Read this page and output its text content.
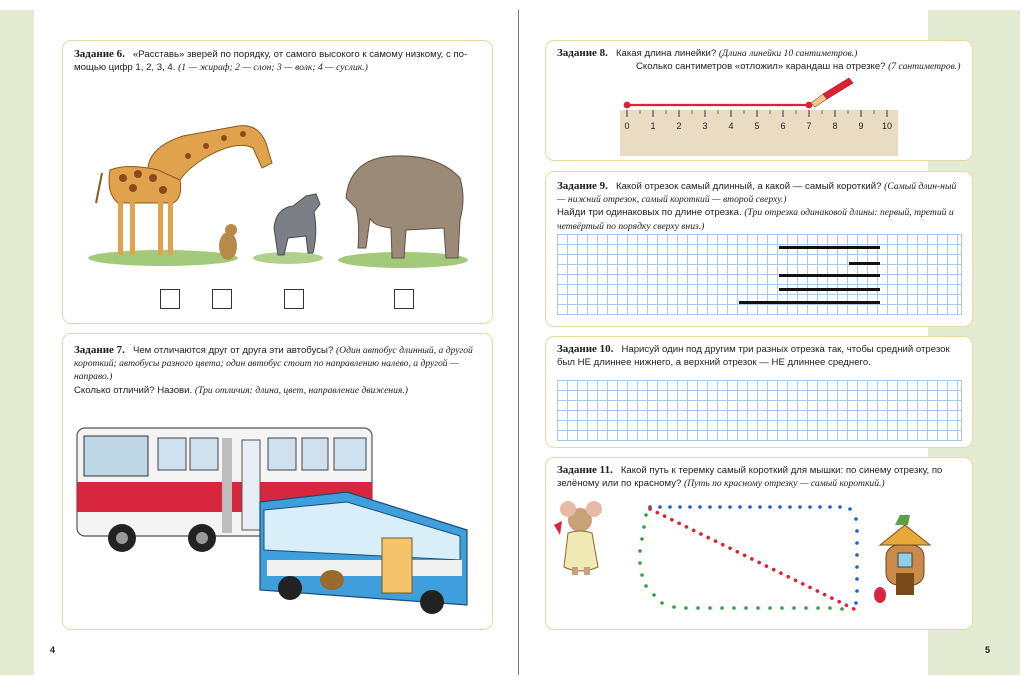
Задание 6. «Расставь» зверей по порядку, от самого высокого к самому низкому, с по-мощью цифр 1, 2, 3, 4. (1 — жираф; 2 — слон; 3 — волк; 4 — суслик.)
Задание 7. Чем отличаются друг от друга эти автобусы? (Один автобус длинный, а другой короткий; автобусы разного цвета; один автобус стоит по направлению налево, а другой — направо.)
Сколько отличий? Назови. (Три отличия: длина, цвет, направление движения.)
Задание 8. Какая длина линейки? (Длина линейки 10 сантиметров.)
Сколько сантиметров «отложил» карандаш на отрезке? (7 сантиметров.)
0 1 2 3 4 5 6 7 8 9 10
Задание 9. Какой отрезок самый длинный, а какой — самый короткий? (Самый длин-ный — нижний отрезок, самый короткий — второй сверху.)
Найди три одинаковых по длине отрезка. (Три отрезка одинаковой длины: первый, третий и четвёртый по порядку сверху вниз.)
Задание 10. Нарисуй один под другим три разных отрезка так, чтобы средний отрезок был НЕ длиннее нижнего, а верхний отрезок — НЕ длиннее среднего.
Задание 11. Какой путь к теремку самый короткий для мышки: по синему отрезку, по зелёному или по красному? (Путь по красному отрезку — самый короткий.)
4	5
